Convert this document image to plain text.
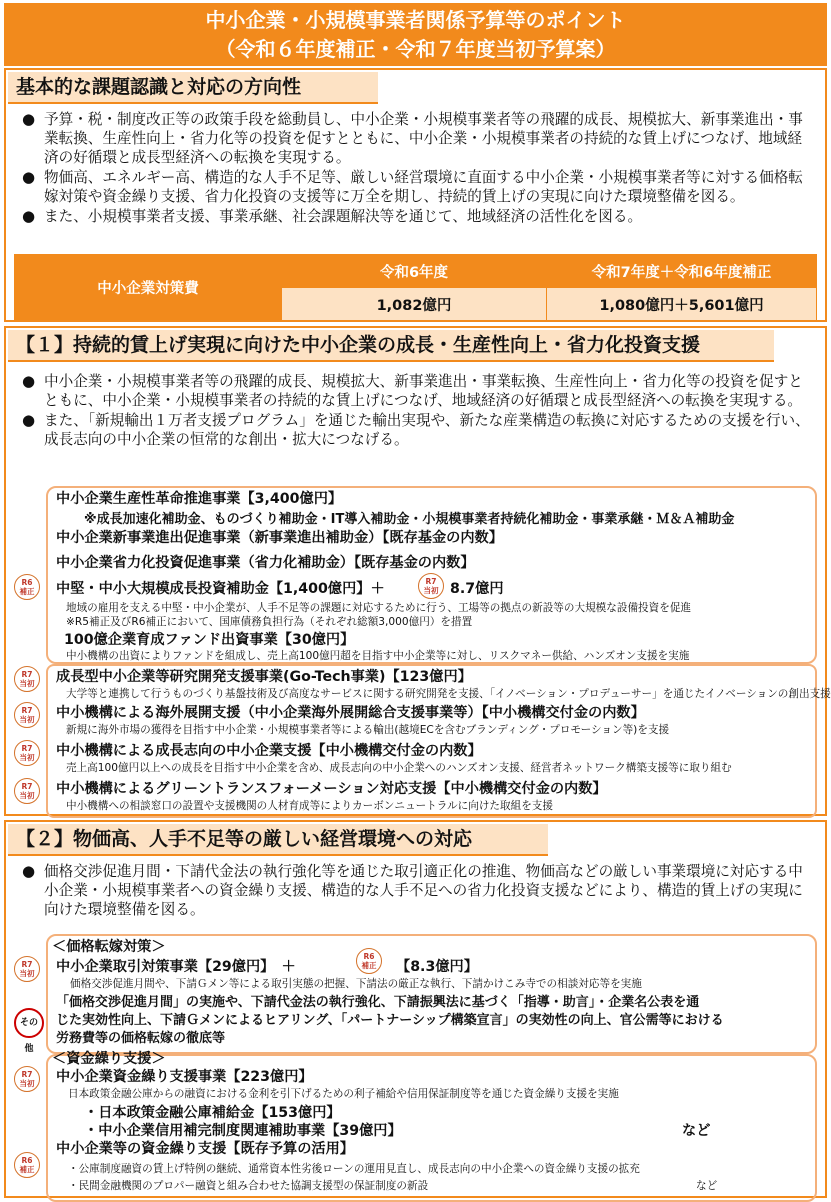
中小企業・小規模事業者関係予算等のポイント
（令和６年度補正・令和７年度当初予算案）
基本的な課題認識と対応の方向性
● 予算・税・制度改正等の政策手段を総動員し、中小企業・小規模事業者等の飛躍的成長、規模拡大、新事業進出・事業転換、生産性向上・省力化等の投資を促すとともに、中小企業・小規模事業者の持続的な賃上げにつなげ、地域経済の好循環と成長型経済への転換を実現する。
● 物価高、エネルギー高、構造的な人手不足等、厳しい経営環境に直面する中小企業・小規模事業者等に対する価格転嫁対策や資金繰り支援、省力化投資の支援等に万全を期し、持続的賃上げの実現に向けた環境整備を図る。
● また、小規模事業者支援、事業承継、社会課題解決等を通じて、地域経済の活性化を図る。
中小企業対策費	令和6年度	令和7年度＋令和6年度補正
	1,082億円	1,080億円＋5,601億円
【１】持続的賃上げ実現に向けた中小企業の成長・生産性向上・省力化投資支援
● 中小企業・小規模事業者等の飛躍的成長、規模拡大、新事業進出・事業転換、生産性向上・省力化等の投資を促すとともに、中小企業・小規模事業者の持続的な賃上げにつなげ、地域経済の好循環と成長型経済への転換を実現する。
● また、「新規輸出１万者支援プログラム」を通じた輸出実現や、新たな産業構造の転換に対応するための支援を行い、成長志向の中小企業の恒常的な創出・拡大につなげる。
R6
補正
中小企業生産性革命推進事業【3,400億円】
※成長加速化補助金、ものづくり補助金・IT導入補助金・小規模事業者持続化補助金・事業承継・Ｍ＆Ａ補助金
中小企業新事業進出促進事業（新事業進出補助金）【既存基金の内数】
中小企業省力化投資促進事業（省力化補助金）【既存基金の内数】
中堅・中小大規模成長投資補助金【1,400億円】＋	R7
当初 8.7億円
地域の雇用を支える中堅・中小企業が、人手不足等の課題に対応するために行う、工場等の拠点の新設等の大規模な設備投資を促進
※R5補正及びR6補正において、国庫債務負担行為（それぞれ総額3,000億円）を措置
100億企業育成ファンド出資事業【30億円】
中小機構の出資によりファンドを組成し、売上高100億円超を目指す中小企業等に対し、リスクマネー供給、ハンズオン支援を実施
R7
当初	成長型中小企業等研究開発支援事業(Go-Tech事業)【123億円】
大学等と連携して行うものづくり基盤技術及び高度なサービスに関する研究開発を支援、「イノベーション・プロデューサー」を通じたイノベーションの創出支援
R7
当初	中小機構による海外展開支援（中小企業海外展開総合支援事業等）【中小機構交付金の内数】
新規に海外市場の獲得を目指す中小企業・小規模事業者等による輸出(越境ECを含むブランディング・プロモーション等)を支援
R7
当初	中小機構による成長志向の中小企業支援【中小機構交付金の内数】
売上高100億円以上への成長を目指す中小企業を含め、成長志向の中小企業へのハンズオン支援、経営者ネットワーク構築支援等に取り組む
R7
当初	中小機構によるグリーントランスフォーメーション対応支援【中小機構交付金の内数】
中小機構への相談窓口の設置や支援機関の人材育成等によりカーボンニュートラルに向けた取組を支援
【２】物価高、人手不足等の厳しい経営環境への対応
● 価格交渉促進月間・下請代金法の執行強化等を通じた取引適正化の推進、物価高などの厳しい事業環境に対応する中小企業・小規模事業者への資金繰り支援、構造的な人手不足への省力化投資支援などにより、構造的賃上げの実現に向けた環境整備を図る。
＜価格転嫁対策＞
R7
当初	中小企業取引対策事業【29億円】　＋
R6
補正	【8.3億円】
価格交渉促進月間や、下請Ｇメン等による取引実態の把握、下請法の厳正な執行、下請かけこみ寺での相談対応等を実施
その他
「価格交渉促進月間」の実施や、下請代金法の執行強化、下請振興法に基づく「指導・助言」・企業名公表を通
じた実効性向上、下請Ｇメンによるヒアリング、「パートナーシップ構築宣言」の実効性の向上、官公需等における
労務費等の価格転嫁の徹底等
＜資金繰り支援＞
R7
当初	中小企業資金繰り支援事業【223億円】
日本政策金融公庫からの融資における金利を引下げるための利子補給や信用保証制度等を通じた資金繰り支援を実施
・日本政策金融公庫補給金【153億円】
・中小企業信用補完制度関連補助事業【39億円】	など
R6
補正
中小企業等の資金繰り支援【既存予算の活用】
・公庫制度融資の賃上げ特例の継続、通常資本性劣後ローンの運用見直し、成長志向の中小企業への資金繰り支援の拡充
・民間金融機関のプロパー融資と組み合わせた協調支援型の保証制度の新設	など
